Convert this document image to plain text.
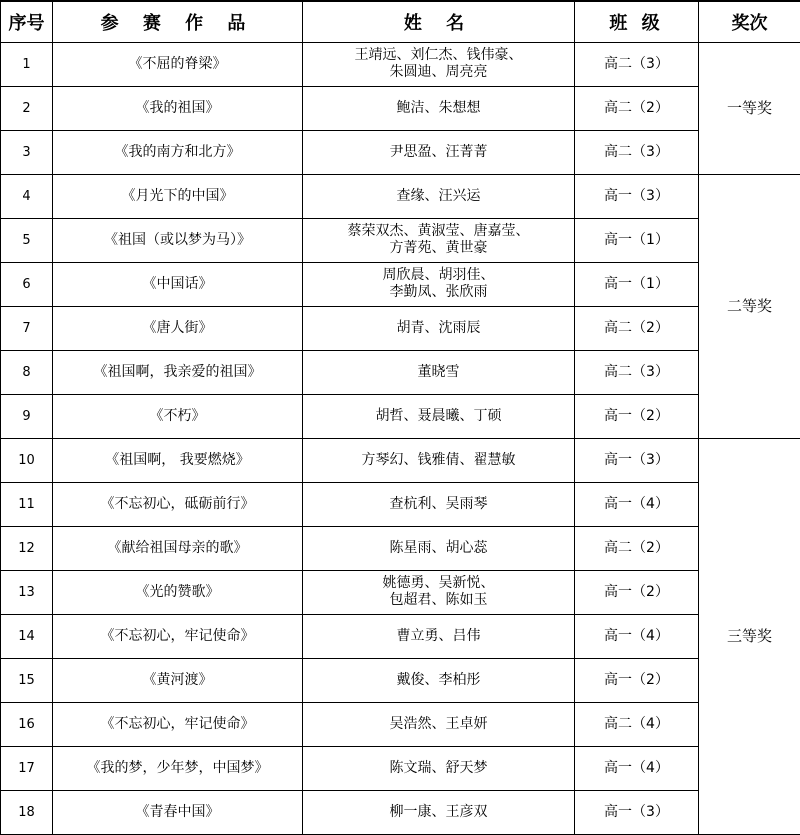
序号	参 赛 作 品	姓 名	班 级	奖次
1	《不屈的脊梁》	王靖远、刘仁杰、钱伟豪、
朱圆迪、周亮亮	高二（3）	一等奖
2	《我的祖国》	鲍洁、朱想想	高二（2）	
3	《我的南方和北方》	尹思盈、汪菁菁	高二（3）	
4	《月光下的中国》	查缘、汪兴运	高一（3）	二等奖
5	《祖国（或以梦为马）》	蔡荣双杰、黄淑莹、唐嘉莹、
方菁苑、黄世豪	高一（1）	
6	《中国话》	周欣晨、胡羽佳、
李勤凤、张欣雨	高一（1）	
7	《唐人街》	胡青、沈雨辰	高二（2）	
8	《祖国啊，我亲爱的祖国》	董晓雪	高二（3）	
9	《不朽》	胡哲、聂晨曦、丁硕	高一（2）	
10	《祖国啊， 我要燃烧》	方琴幻、钱雅倩、翟慧敏	高一（3）	三等奖
11	《不忘初心，砥砺前行》	查杭利、吴雨琴	高一（4）	
12	《献给祖国母亲的歌》	陈星雨、胡心蕊	高二（2）	
13	《光的赞歌》	姚德勇、吴新悦、
包超君、陈如玉	高一（2）	
14	《不忘初心，牢记使命》	曹立勇、吕伟	高一（4）	
15	《黄河渡》	戴俊、李柏彤	高一（2）	
16	《不忘初心，牢记使命》	吴浩然、王卓妍	高二（4）	
17	《我的梦，少年梦，中国梦》	陈文瑞、舒天梦	高一（4）	
18	《青春中国》	柳一康、王彦双	高一（3）	
